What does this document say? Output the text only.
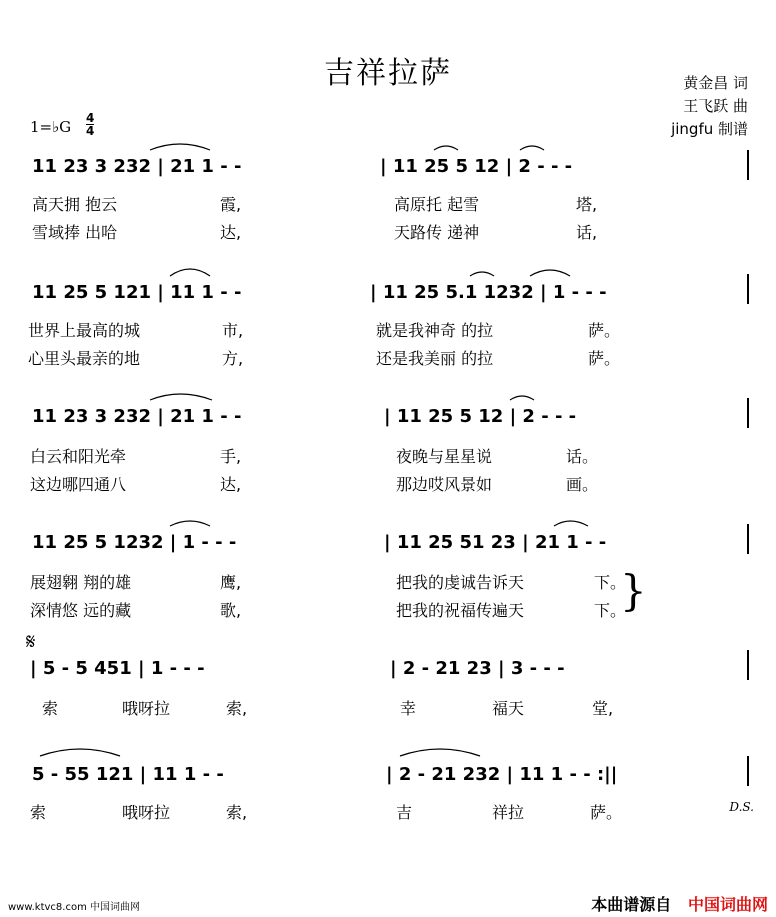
吉祥拉萨	黄金昌 词
王飞跃 曲
jingfu 制谱
1=♭G 4
4
11 23 3 232 | 21 1 - -	| 11 25 5 12 | 2 - - -
高天拥 抱云	霞,	高原托 起雪	塔,
雪域捧 出哈	达,	天路传 递神	话,
11 25 5 121 | 11 1 - -	| 11 25 5.1 1232 | 1 - - -
世界上最高的城	市,	就是我神奇 的拉	萨。
心里头最亲的地	方,	还是我美丽 的拉	萨。
11 23 3 232 | 21 1 - -	| 11 25 5 12 | 2 - - -
白云和阳光牵	手,	夜晚与星星说	话。
这边哪四通八	达,	那边哎风景如	画。
11 25 5 1232 | 1 - - -	| 11 25 51 23 | 21 1 - -
展翅翱 翔的雄	鹰,	把我的虔诚告诉天	下。
深情悠 远的藏	歌,	把我的祝福传遍天	下。
}
𝄋
| 5 - 5 451 | 1 - - -	| 2 - 21 23 | 3 - - -
索	哦呀拉	索,	幸	福天	堂,
5 - 55 121 | 11 1 - -	| 2 - 21 232 | 11 1 - - :||
索	哦呀拉	索,	吉	祥拉	萨。	D.S.
www.ktvc8.com 中国词曲网	本曲谱源自 中国词曲网
